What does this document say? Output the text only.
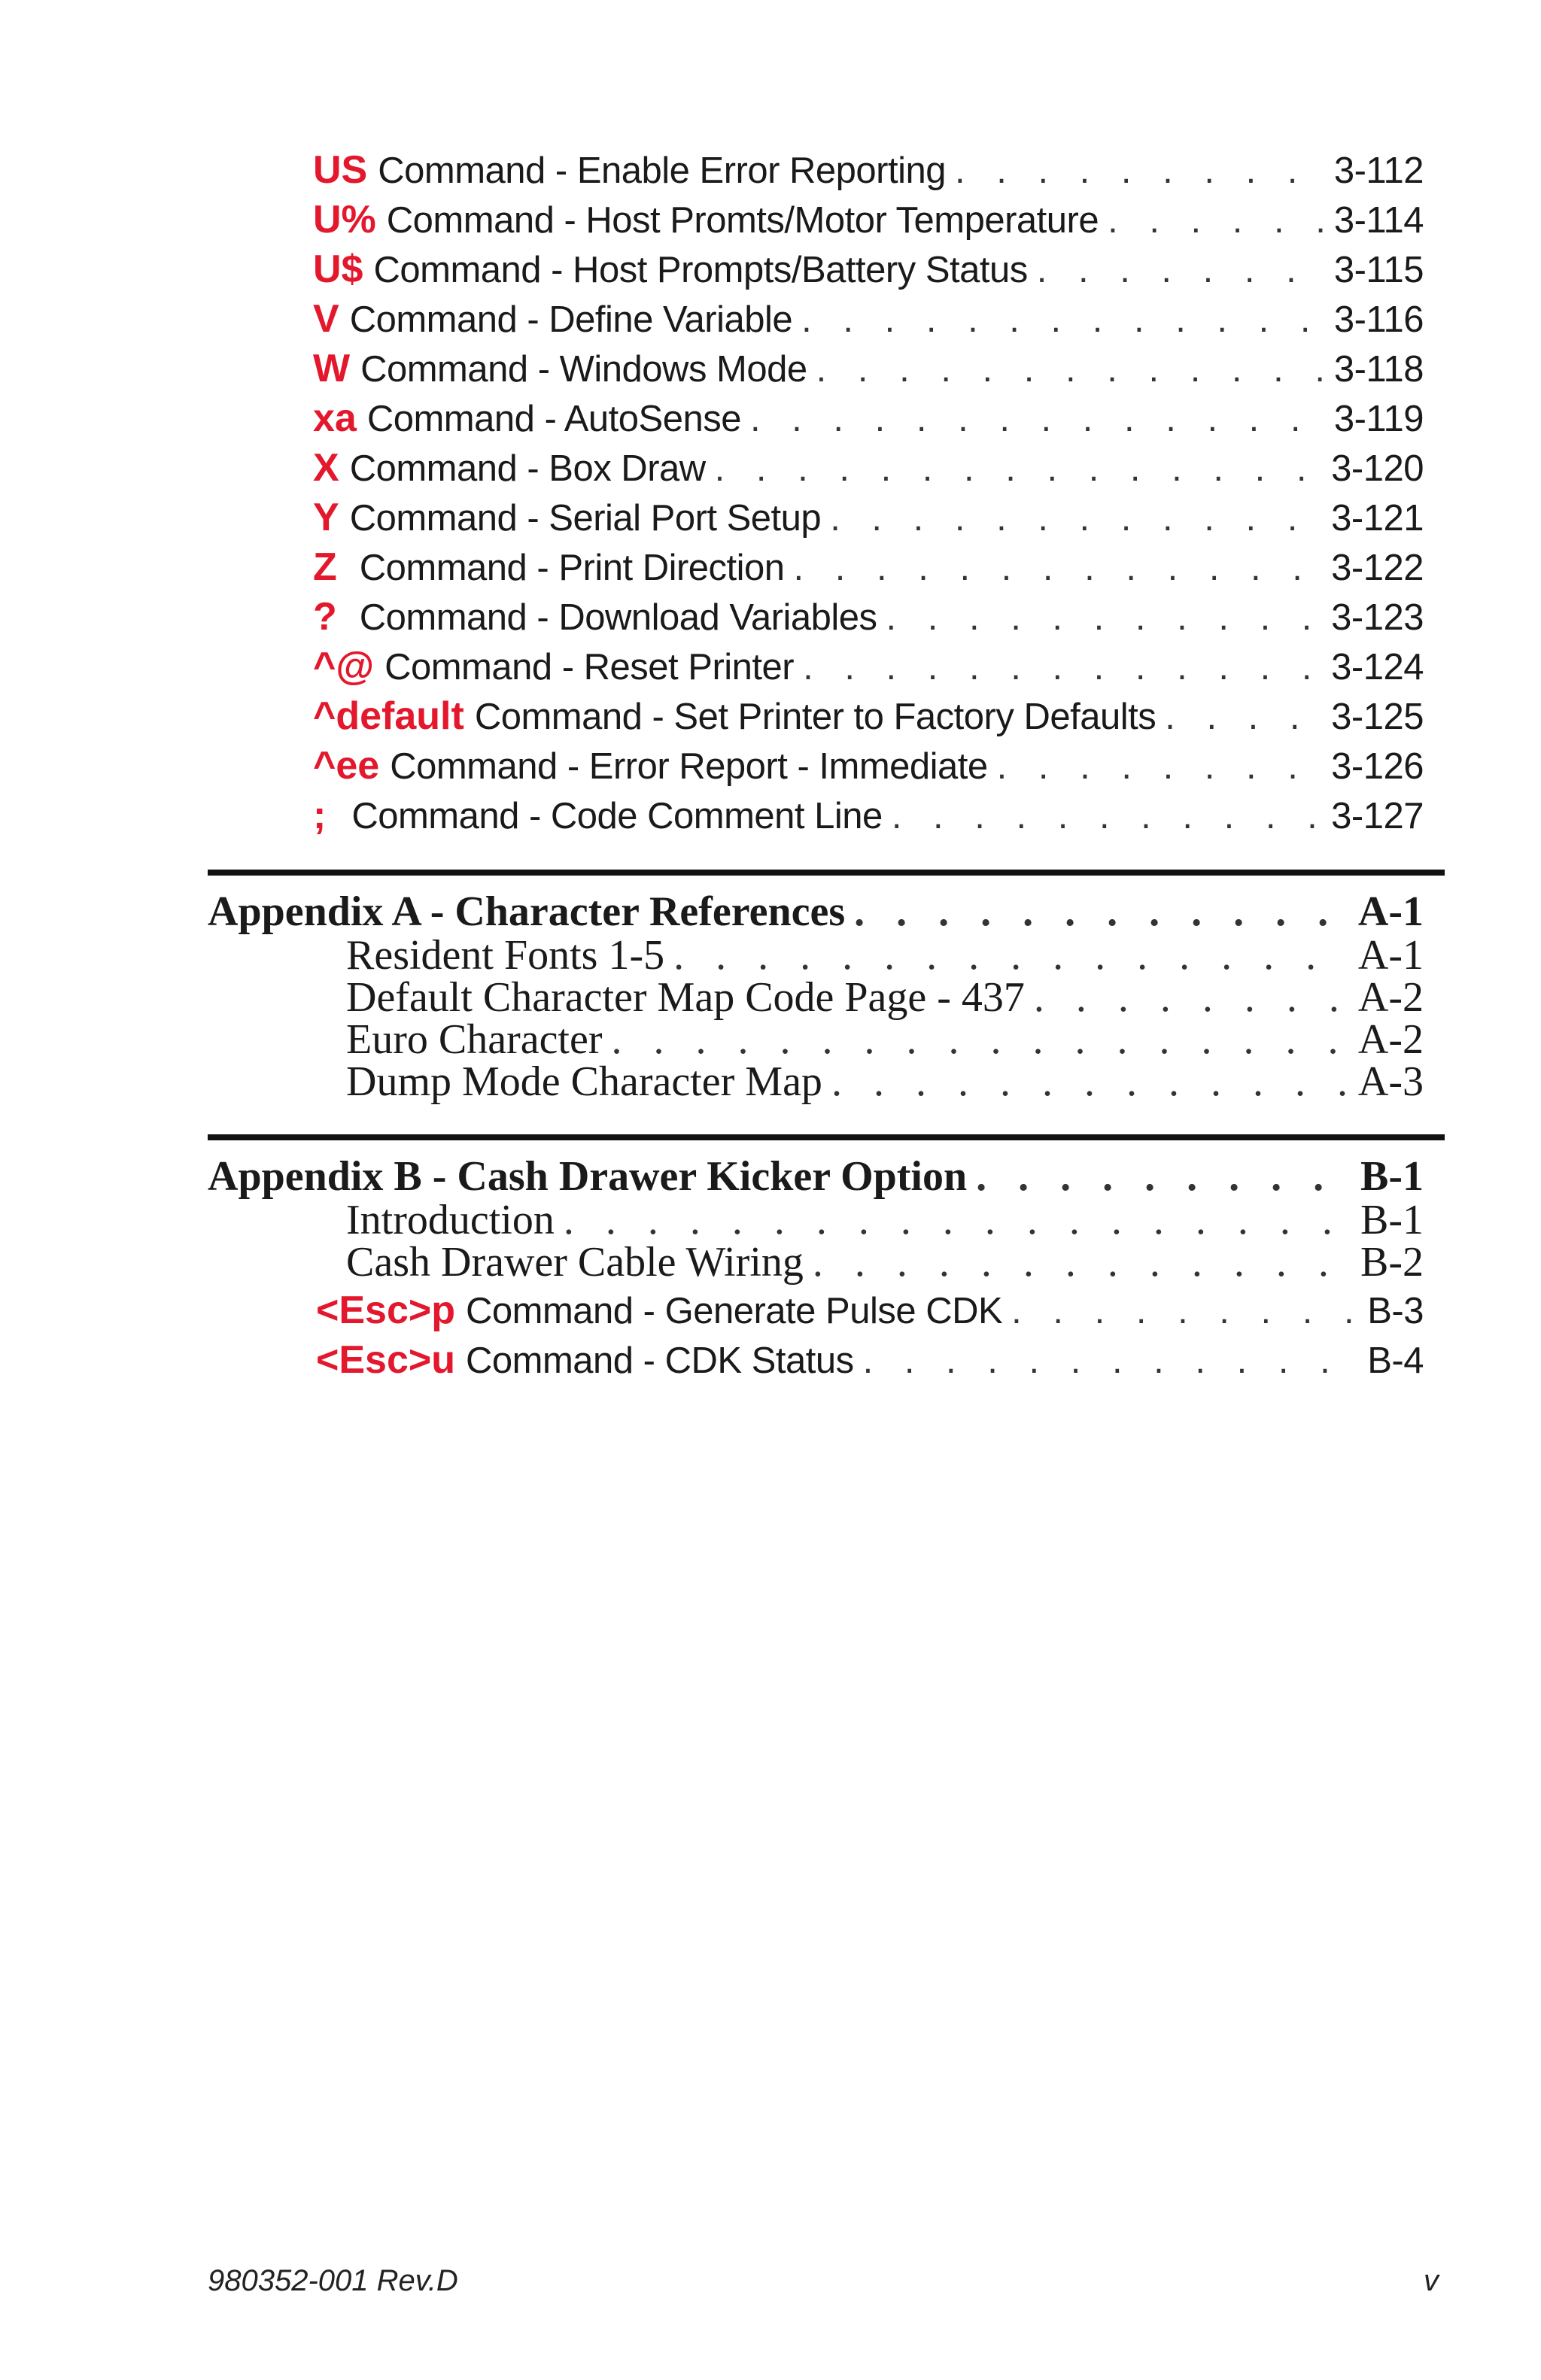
US Command - Enable Error Reporting . . .	3-112
U% Command - Host Promts/Motor Temperature . . .	3-114
U$ Command - Host Prompts/Battery Status . . .	3-115
V Command - Define Variable . . .	3-116
W Command - Windows Mode . . .	3-118
xa Command - AutoSense . . .	3-119
X Command - Box Draw . . .	3-120
Y Command - Serial Port Setup . . .	3-121
Z Command - Print Direction . . .	3-122
? Command - Download Variables . . .	3-123
^@ Command - Reset Printer . . .	3-124
^default Command - Set Printer to Factory Defaults . . .	3-125
^ee Command - Error Report - Immediate . . .	3-126
; Command - Code Comment Line . . .	3-127
Appendix A - Character References . . .	A-1
Resident Fonts 1-5 . . .	A-1
Default Character Map Code Page - 437 . . .	A-2
Euro Character . . .	A-2
Dump Mode Character Map . . .	A-3
Appendix B - Cash Drawer Kicker Option . . .	B-1
Introduction . . .	B-1
Cash Drawer Cable Wiring . . .	B-2
<Esc>p Command - Generate Pulse CDK . . .	B-3
<Esc>u Command - CDK Status . . .	B-4
980352-001 Rev.D	v
